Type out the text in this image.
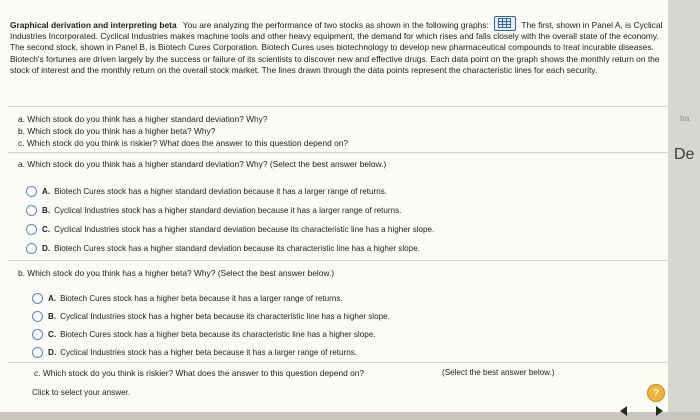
Graphical derivation and interpreting beta You are analyzing the performance of two stocks as shown in the following graphs:	The first, shown in Panel A, is Cyclical Industries Incorporated. Cyclical Industries makes machine tools and other heavy equipment, the demand for which rises and falls closely with the overall state of the economy. The second stock, shown in Panel B, is Biotech Cures Corporation. Biotech Cures uses biotechnology to develop new pharmaceutical compounds to treat incurable diseases. Biotech's fortunes are driven largely by the success or failure of its scientists to discover new and effective drugs. Each data point on the graph shows the monthly return on the stock of interest and the monthly return on the overall stock market. The lines drawn through the data points represent the characteristic lines for each security.
a. Which stock do you think has a higher standard deviation? Why?
b. Which stock do you think has a higher beta? Why?
c. Which stock do you think is riskier? What does the answer to this question depend on?
a. Which stock do you think has a higher standard deviation? Why? (Select the best answer below.)
A. Biotech Cures stock has a higher standard deviation because it has a larger range of returns.
B. Cyclical Industries stock has a higher standard deviation because it has a larger range of returns.
C. Cyclical Industries stock has a higher standard deviation because its characteristic line has a higher slope.
D. Biotech Cures stock has a higher standard deviation because its characteristic line has a higher slope.
b. Which stock do you think has a higher beta? Why? (Select the best answer below.)
A. Biotech Cures stock has a higher beta because it has a larger range of returns.
B. Cyclical Industries stock has a higher beta because its characteristic line has a higher slope.
C. Biotech Cures stock has a higher beta because its characteristic line has a higher slope.
D. Cyclical Industries stock has a higher beta because it has a larger range of returns.
c. Which stock do you think is riskier? What does the answer to this question depend on?	(Select the best answer below.)
Click to select your answer.	?
tra
De
